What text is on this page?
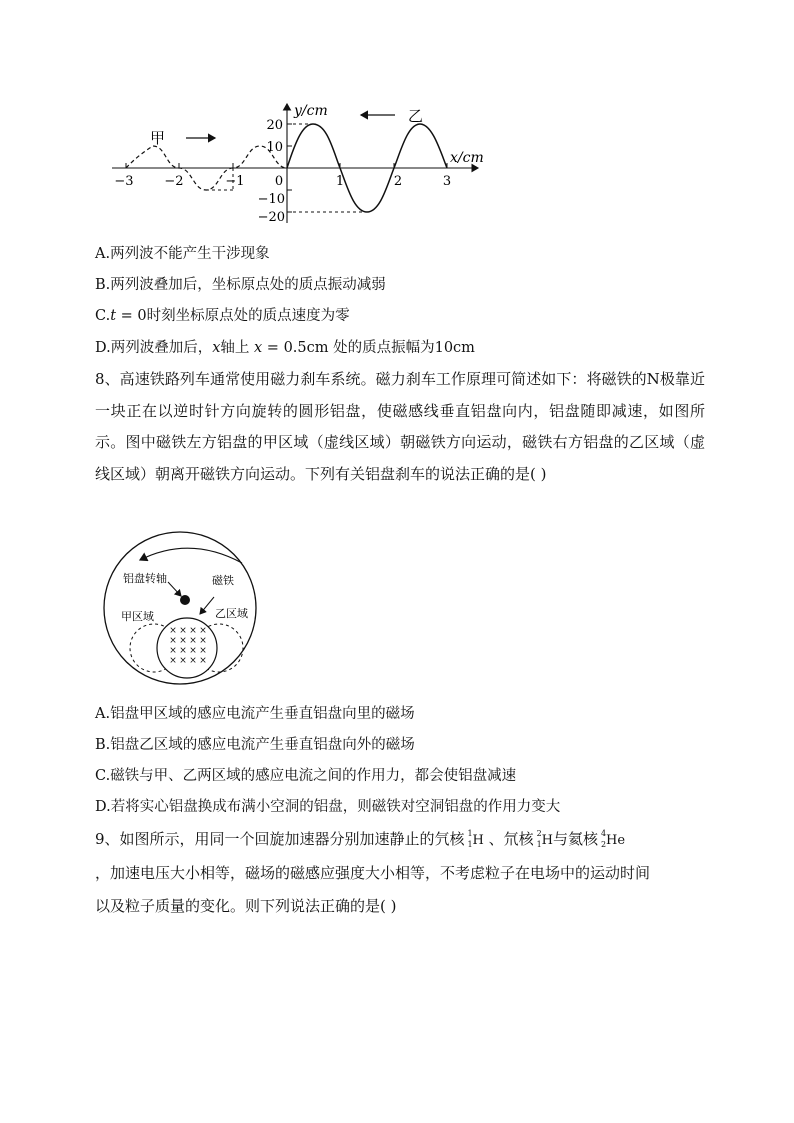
甲
乙
y/cm
x/cm
20
10
−10
−20
−3 −2	−1 0	1	2	3
A.两列波不能产生干涉现象
B.两列波叠加后，坐标原点处的质点振动减弱
C.t = 0时刻坐标原点处的质点速度为零
D.两列波叠加后，x轴上 x = 0.5cm 处的质点振幅为10cm
8、高速铁路列车通常使用磁力刹车系统。磁力刹车工作原理可简述如下：将磁铁的N极靠近一块正在以逆时针方向旋转的圆形铝盘，使磁感线垂直铝盘向内，铝盘随即减速，如图所示。图中磁铁左方铝盘的甲区域（虚线区域）朝磁铁方向运动，磁铁右方铝盘的乙区域（虚线区域）朝离开磁铁方向运动。下列有关铝盘刹车的说法正确的是( )
× × × ×
× × × ×
× × × ×
× × × ×
铝盘转轴	磁铁
甲区域	乙区域
A.铝盘甲区域的感应电流产生垂直铝盘向里的磁场
B.铝盘乙区域的感应电流产生垂直铝盘向外的磁场
C.磁铁与甲、乙两区域的感应电流之间的作用力，都会使铝盘减速
D.若将实心铝盘换成布满小空洞的铝盘，则磁铁对空洞铝盘的作用力变大
9、如图所示，用同一个回旋加速器分别加速静止的氕核 1
1 H 、氘核 2
1 H与氦核 4
2 He
，加速电压大小相等，磁场的磁感应强度大小相等，不考虑粒子在电场中的运动时间
以及粒子质量的变化。则下列说法正确的是( )
